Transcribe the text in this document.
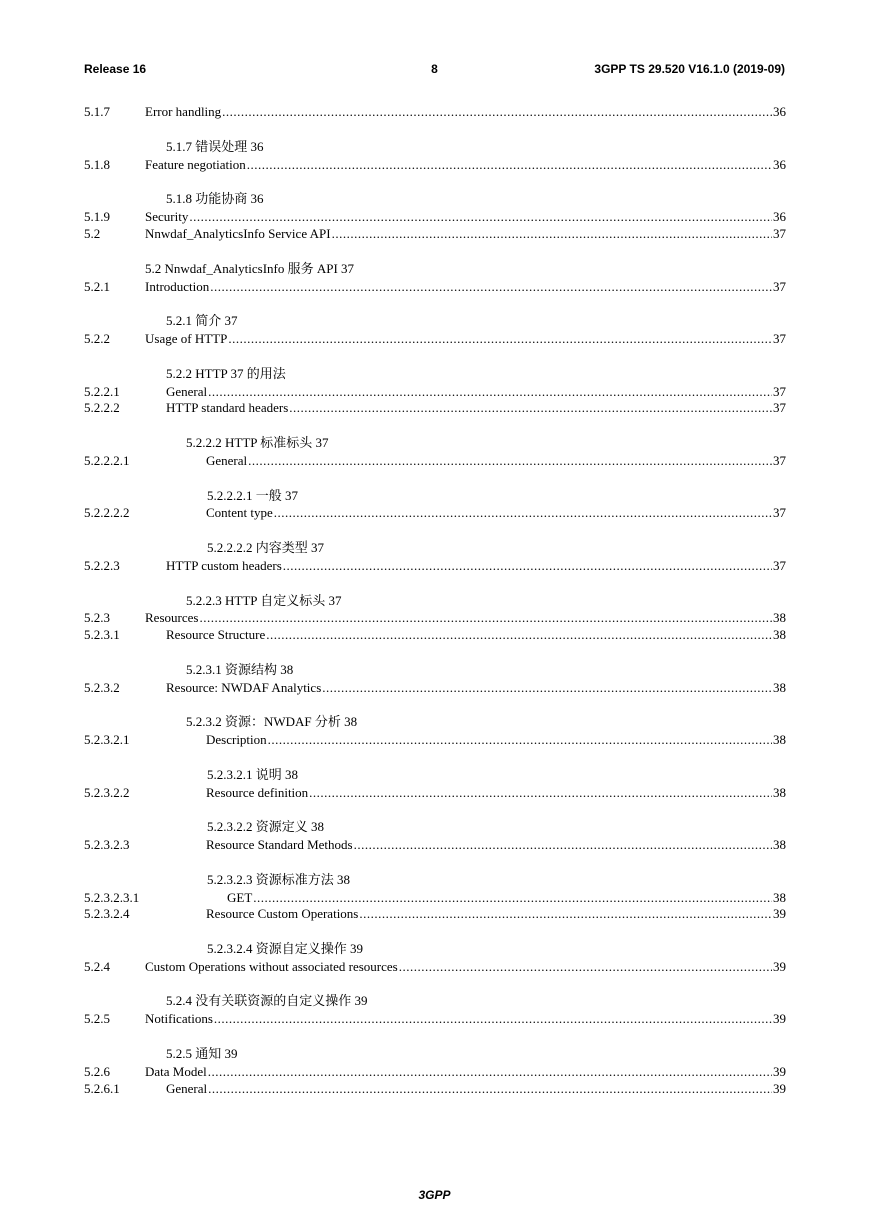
Release 16	8	3GPP TS 29.520 V16.1.0 (2019-09)
5.1.7	Error handling .....	36
5.1.7 错误处理 36
5.1.8	Feature negotiation .....	36
5.1.8 功能协商 36
5.1.9	Security .....	36
5.2	Nnwdaf_AnalyticsInfo Service API .....	37
5.2 Nnwdaf_AnalyticsInfo 服务 API 37
5.2.1	Introduction .....	37
5.2.1 简介 37
5.2.2	Usage of HTTP .....	37
5.2.2 HTTP 37 的用法
5.2.2.1	General .....	37
5.2.2.2	HTTP standard headers .....	37
5.2.2.2 HTTP 标准标头 37
5.2.2.2.1	General .....	37
5.2.2.2.1 一般 37
5.2.2.2.2	Content type .....	37
5.2.2.2.2 内容类型 37
5.2.2.3	HTTP custom headers .....	37
5.2.2.3 HTTP 自定义标头 37
5.2.3	Resources .....	38
5.2.3.1	Resource Structure .....	38
5.2.3.1 资源结构 38
5.2.3.2	Resource: NWDAF Analytics .....	38
5.2.3.2 资源：NWDAF 分析 38
5.2.3.2.1	Description .....	38
5.2.3.2.1 说明 38
5.2.3.2.2	Resource definition .....	38
5.2.3.2.2 资源定义 38
5.2.3.2.3	Resource Standard Methods .....	38
5.2.3.2.3 资源标准方法 38
5.2.3.2.3.1	GET .....	38
5.2.3.2.4	Resource Custom Operations .....	39
5.2.3.2.4 资源自定义操作 39
5.2.4	Custom Operations without associated resources .....	39
5.2.4 没有关联资源的自定义操作 39
5.2.5	Notifications .....	39
5.2.5 通知 39
5.2.6	Data Model .....	39
5.2.6.1	General .....	39
3GPP
